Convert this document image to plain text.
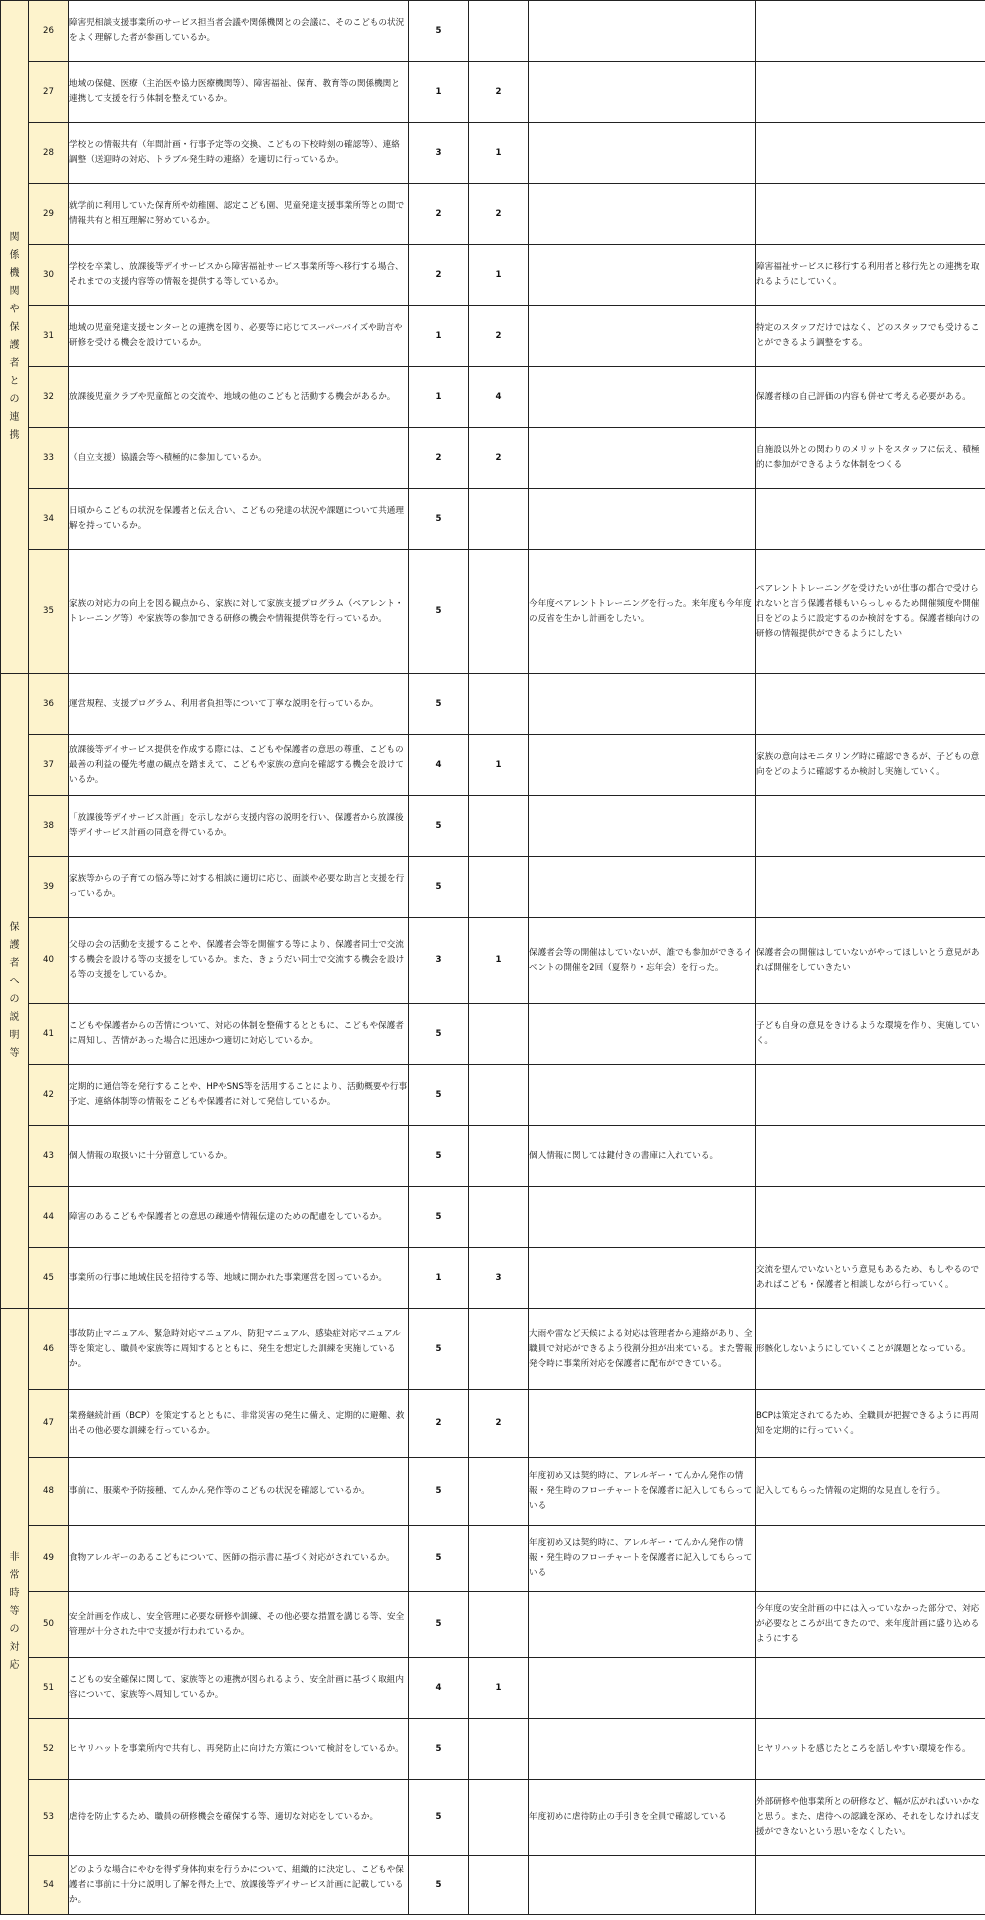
関係機関や保護者との連携	26	障害児相談支援事業所のサービス担当者会議や関係機関との会議に、そのこどもの状況をよく理解した者が参画しているか。	5			
	27	地域の保健、医療（主治医や協力医療機関等）、障害福祉、保育、教育等の関係機関と連携して支援を行う体制を整えているか。	1	2		
	28	学校との情報共有（年間計画・行事予定等の交換、こどもの下校時刻の確認等）、連絡調整（送迎時の対応、トラブル発生時の連絡）を適切に行っているか。	3	1		
	29	就学前に利用していた保育所や幼稚園、認定こども園、児童発達支援事業所等との間で情報共有と相互理解に努めているか。	2	2		
	30	学校を卒業し、放課後等デイサービスから障害福祉サービス事業所等へ移行する場合、それまでの支援内容等の情報を提供する等しているか。	2	1		障害福祉サービスに移行する利用者と移行先との連携を取れるようにしていく。
	31	地域の児童発達支援センターとの連携を図り、必要等に応じてスーパーバイズや助言や研修を受ける機会を設けているか。	1	2		特定のスタッフだけではなく、どのスタッフでも受けることができるよう調整をする。
	32	放課後児童クラブや児童館との交流や、地域の他のこどもと活動する機会があるか。	1	4		保護者様の自己評価の内容も併せて考える必要がある。
	33	（自立支援）協議会等へ積極的に参加しているか。	2	2		自施設以外との関わりのメリットをスタッフに伝え、積極的に参加ができるような体制をつくる
	34	日頃からこどもの状況を保護者と伝え合い、こどもの発達の状況や課題について共通理解を持っているか。	5			
	35	家族の対応力の向上を図る観点から、家族に対して家族支援プログラム（ペアレント・トレーニング等）や家族等の参加できる研修の機会や情報提供等を行っているか。	5		今年度ペアレントトレーニングを行った。来年度も今年度の反省を生かし計画をしたい。	ペアレントトレーニングを受けたいが仕事の都合で受けられないと言う保護者様もいらっしゃるため開催頻度や開催日をどのように設定するのか検討をする。保護者様向けの研修の情報提供ができるようにしたい

保護者への説明等	36	運営規程、支援プログラム、利用者負担等について丁寧な説明を行っているか。	5			
	37	放課後等デイサービス提供を作成する際には、こどもや保護者の意思の尊重、こどもの最善の利益の優先考慮の観点を踏まえて、こどもや家族の意向を確認する機会を設けているか。	4	1		家族の意向はモニタリング時に確認できるが、子どもの意向をどのように確認するか検討し実施していく。
	38	「放課後等デイサービス計画」を示しながら支援内容の説明を行い、保護者から放課後等デイサービス計画の同意を得ているか。	5			
	39	家族等からの子育ての悩み等に対する相談に適切に応じ、面談や必要な助言と支援を行っているか。	5			
	40	父母の会の活動を支援することや、保護者会等を開催する等により、保護者同士で交流する機会を設ける等の支援をしているか。また、きょうだい同士で交流する機会を設ける等の支援をしているか。	3	1	保護者会等の開催はしていないが、誰でも参加ができるイベントの開催を2回（夏祭り・忘年会）を行った。	保護者会の開催はしていないがやってほしいとう意見があれば開催をしていきたい
	41	こどもや保護者からの苦情について、対応の体制を整備するとともに、こどもや保護者に周知し、苦情があった場合に迅速かつ適切に対応しているか。	5			子ども自身の意見をきけるような環境を作り、実施していく。
	42	定期的に通信等を発行することや、HPやSNS等を活用することにより、活動概要や行事予定、連絡体制等の情報をこどもや保護者に対して発信しているか。	5			
	43	個人情報の取扱いに十分留意しているか。	5		個人情報に関しては鍵付きの書庫に入れている。	
	44	障害のあるこどもや保護者との意思の疎通や情報伝達のための配慮をしているか。	5			
	45	事業所の行事に地域住民を招待する等、地域に開かれた事業運営を図っているか。	1	3		交流を望んでいないという意見もあるため、もしやるのであればこども・保護者と相談しながら行っていく。

非常時等の対応	46	事故防止マニュアル、緊急時対応マニュアル、防犯マニュアル、感染症対応マニュアル等を策定し、職員や家族等に周知するとともに、発生を想定した訓練を実施しているか。	5		大雨や雷など天候による対応は管理者から連絡があり、全職員で対応ができるよう役割分担が出来ている。また警報発令時に事業所対応を保護者に配布ができている。	形骸化しないようにしていくことが課題となっている。
	47	業務継続計画（BCP）を策定するとともに、非常災害の発生に備え、定期的に避難、救出その他必要な訓練を行っているか。	2	2		BCPは策定されてるため、全職員が把握できるように再周知を定期的に行っていく。
	48	事前に、服薬や予防接種、てんかん発作等のこどもの状況を確認しているか。	5		年度初め又は契約時に、アレルギー・てんかん発作の情報・発生時のフローチャートを保護者に記入してもらっている	記入してもらった情報の定期的な見直しを行う。
	49	食物アレルギーのあるこどもについて、医師の指示書に基づく対応がされているか。	5		年度初め又は契約時に、アレルギー・てんかん発作の情報・発生時のフローチャートを保護者に記入してもらっている	
	50	安全計画を作成し、安全管理に必要な研修や訓練、その他必要な措置を講じる等、安全管理が十分された中で支援が行われているか。	5			今年度の安全計画の中には入っていなかった部分で、対応が必要なところが出てきたので、来年度計画に盛り込めるようにする
	51	こどもの安全確保に関して、家族等との連携が図られるよう、安全計画に基づく取組内容について、家族等へ周知しているか。	4	1		
	52	ヒヤリハットを事業所内で共有し、再発防止に向けた方策について検討をしているか。	5			ヒヤリハットを感じたところを話しやすい環境を作る。
	53	虐待を防止するため、職員の研修機会を確保する等、適切な対応をしているか。	5		年度初めに虐待防止の手引きを全員で確認している	外部研修や他事業所との研修など、幅が広がればいいかなと思う。また、虐待への認識を深め、それをしなければ支援ができないという思いをなくしたい。
	54	どのような場合にやむを得ず身体拘束を行うかについて、組織的に決定し、こどもや保護者に事前に十分に説明し了解を得た上で、放課後等デイサービス計画に記載しているか。	5			
